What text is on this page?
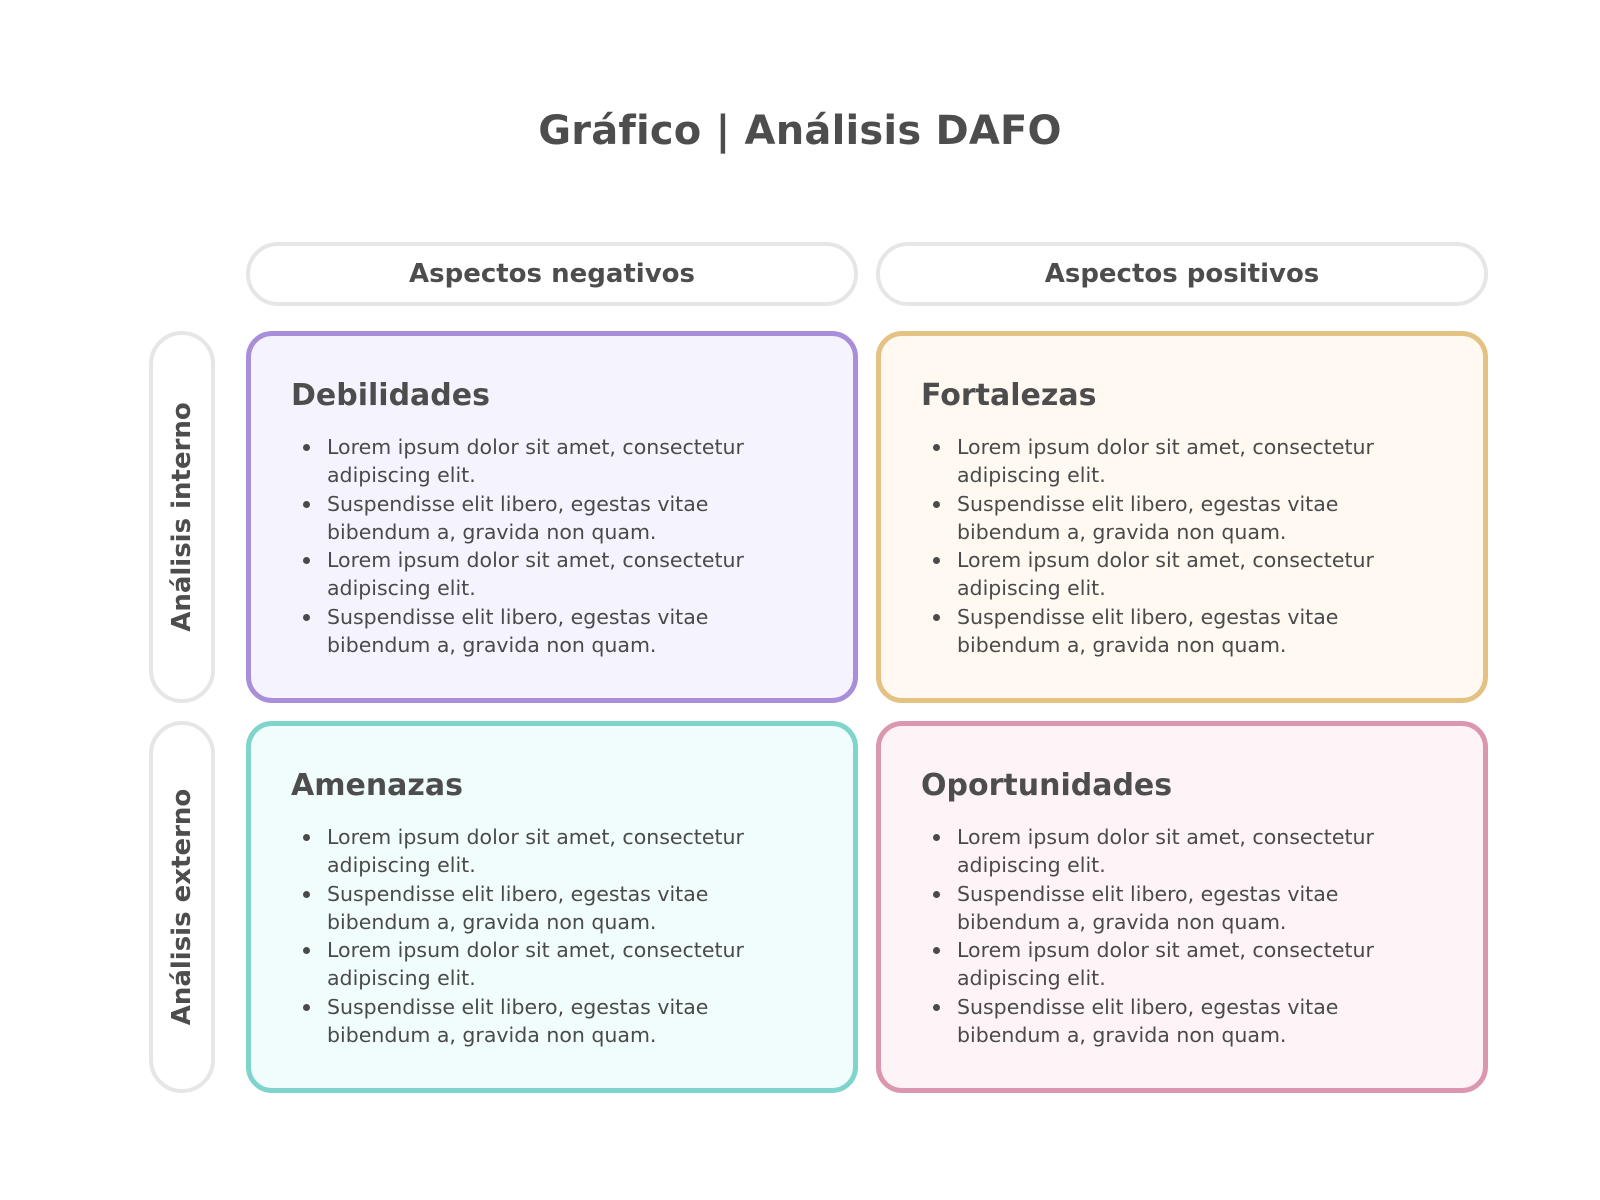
Gráfico | Análisis DAFO
Aspectos negativos	Aspectos positivos
Análisis interno
Análisis externo
Debilidades
Lorem ipsum dolor sit amet, consectetur adipiscing elit.
Suspendisse elit libero, egestas vitae bibendum a, gravida non quam.
Lorem ipsum dolor sit amet, consectetur adipiscing elit.
Suspendisse elit libero, egestas vitae bibendum a, gravida non quam.
Fortalezas
Lorem ipsum dolor sit amet, consectetur adipiscing elit.
Suspendisse elit libero, egestas vitae bibendum a, gravida non quam.
Lorem ipsum dolor sit amet, consectetur adipiscing elit.
Suspendisse elit libero, egestas vitae bibendum a, gravida non quam.
Amenazas
Lorem ipsum dolor sit amet, consectetur adipiscing elit.
Suspendisse elit libero, egestas vitae bibendum a, gravida non quam.
Lorem ipsum dolor sit amet, consectetur adipiscing elit.
Suspendisse elit libero, egestas vitae bibendum a, gravida non quam.
Oportunidades
Lorem ipsum dolor sit amet, consectetur adipiscing elit.
Suspendisse elit libero, egestas vitae bibendum a, gravida non quam.
Lorem ipsum dolor sit amet, consectetur adipiscing elit.
Suspendisse elit libero, egestas vitae bibendum a, gravida non quam.
